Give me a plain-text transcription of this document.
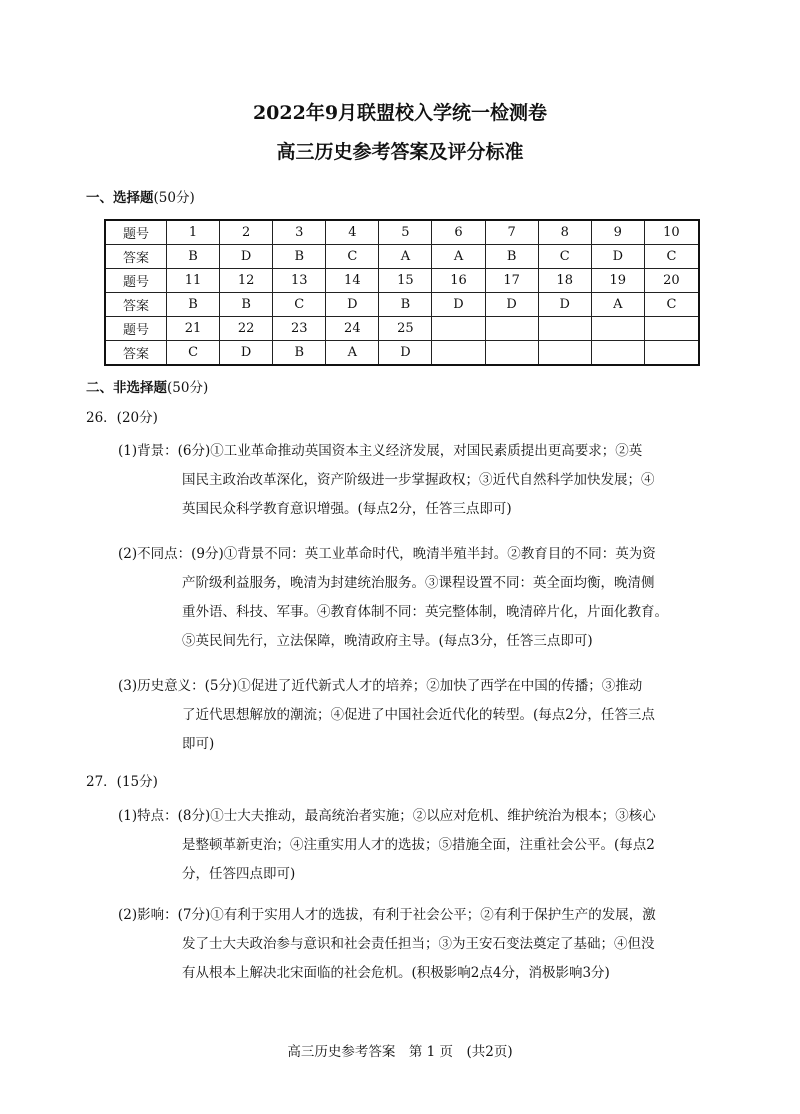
2022年9月联盟校入学统一检测卷
高三历史参考答案及评分标准
一、选择题(50分)
题号	1	2	3	4	5	6	7	8	9	10
答案	B	D	B	C	A	A	B	C	D	C
题号	11	12	13	14	15	16	17	18	19	20
答案	B	B	C	D	B	D	D	D	A	C
题号	21	22	23	24	25					
答案	C	D	B	A	D					
二、非选择题(50分)
26．(20分)
(1)背景：(6分)①工业革命推动英国资本主义经济发展，对国民素质提出更高要求；②英
国民主政治改革深化，资产阶级进一步掌握政权；③近代自然科学加快发展；④
英国民众科学教育意识增强。(每点2分，任答三点即可)
(2)不同点：(9分)①背景不同：英工业革命时代，晚清半殖半封。②教育目的不同：英为资
产阶级利益服务，晚清为封建统治服务。③课程设置不同：英全面均衡，晚清侧
重外语、科技、军事。④教育体制不同：英完整体制，晚清碎片化，片面化教育。
⑤英民间先行，立法保障，晚清政府主导。(每点3分，任答三点即可)
(3)历史意义：(5分)①促进了近代新式人才的培养；②加快了西学在中国的传播；③推动
了近代思想解放的潮流；④促进了中国社会近代化的转型。(每点2分，任答三点
即可)
27．(15分)
(1)特点：(8分)①士大夫推动，最高统治者实施；②以应对危机、维护统治为根本；③核心
是整顿革新吏治；④注重实用人才的选拔；⑤措施全面，注重社会公平。(每点2
分，任答四点即可)
(2)影响：(7分)①有利于实用人才的选拔，有利于社会公平；②有利于保护生产的发展，激
发了士大夫政治参与意识和社会责任担当；③为王安石变法奠定了基础；④但没
有从根本上解决北宋面临的社会危机。(积极影响2点4分，消极影响3分)
高三历史参考答案　第 1 页　(共2页)
